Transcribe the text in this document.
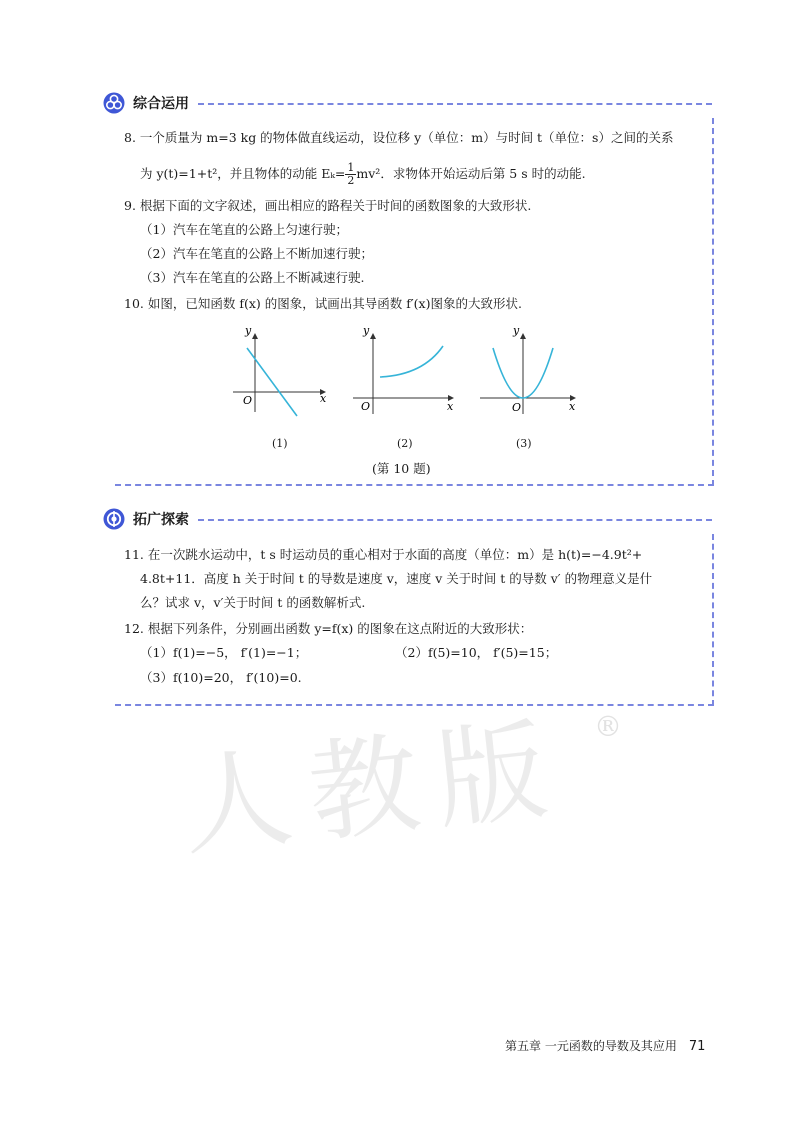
综合运用
8. 一个质量为 m=3 kg 的物体做直线运动，设位移 y（单位：m）与时间 t（单位：s）之间的关系
为 y(t)=1+t²，并且物体的动能 $E_k= \frac{1}{2} mv^2$．求物体开始运动后第 5 s 时的动能.
9. 根据下面的文字叙述，画出相应的路程关于时间的函数图象的大致形状.
（1）汽车在笔直的公路上匀速行驶；
（2）汽车在笔直的公路上不断加速行驶；
（3）汽车在笔直的公路上不断减速行驶.
10. 如图，已知函数 f(x) 的图象，试画出其导函数 f′(x)图象的大致形状.
y
x
O
y
x
O
y
x
O
(1)	(2)	(3)
(第 10 题)
拓广探索
11. 在一次跳水运动中，t s 时运动员的重心相对于水面的高度（单位：m）是 h(t)=−4.9t²+
4.8t+11．高度 h 关于时间 t 的导数是速度 v，速度 v 关于时间 t 的导数 v′ 的物理意义是什
么？试求 v，v′关于时间 t 的函数解析式.
12. 根据下列条件，分别画出函数 y=f(x) 的图象在这点附近的大致形状：
（1）f(1)=−5， f′(1)=−1；	（2）f(5)=10， f′(5)=15；
（3）f(10)=20， f′(10)=0.
人教版 ®
第五章 一元函数的导数及其应用 71
